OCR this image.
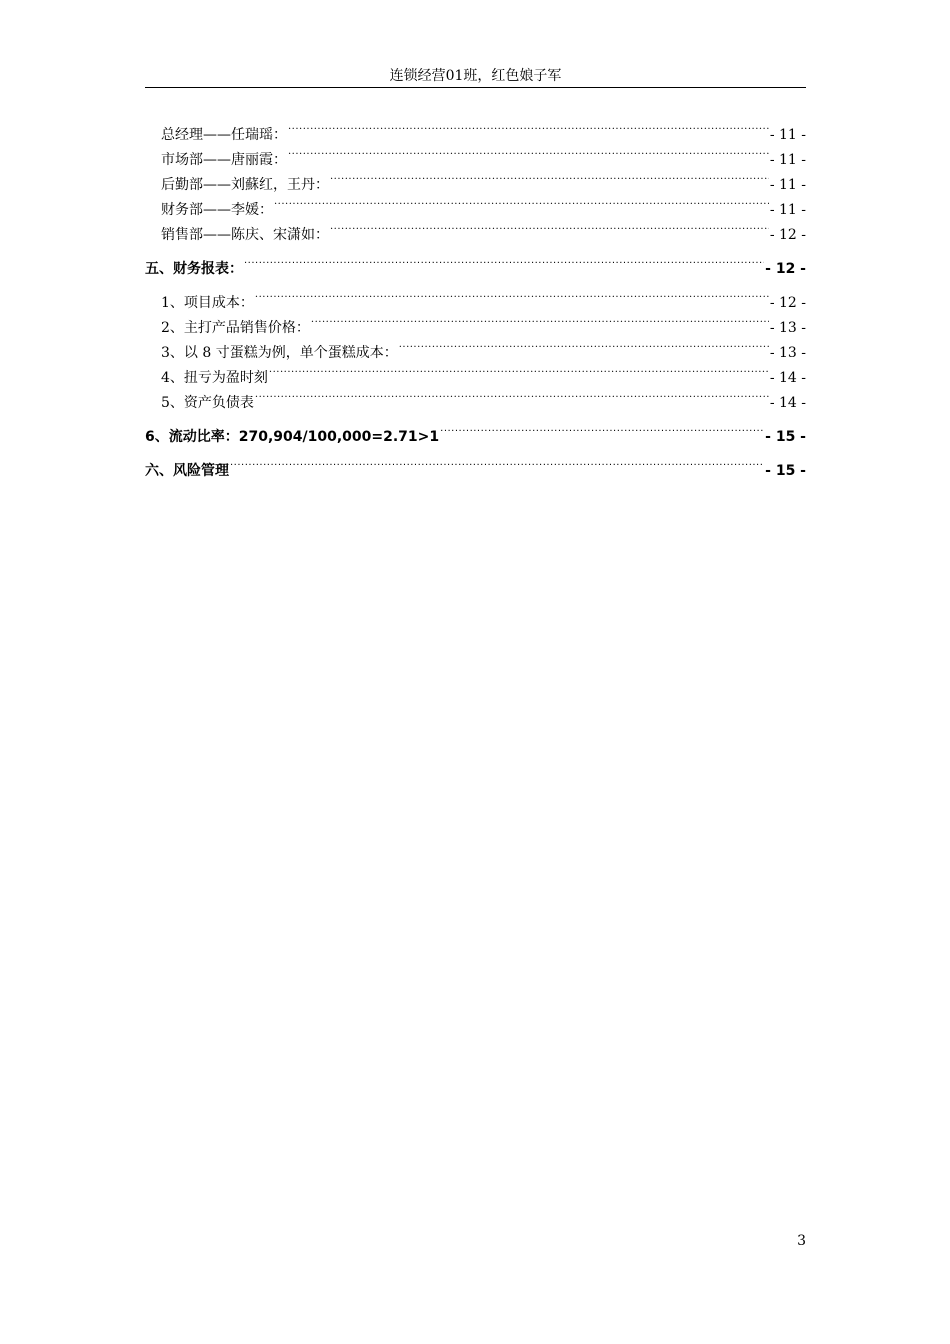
连锁经营01班，红色娘子军
总经理——任瑞瑶： .....	- 11 -
市场部——唐丽霞： .....	- 11 -
后勤部——刘蘇红，王丹： .....	- 11 -
财务部——李媛： .....	- 11 -
销售部——陈庆、宋潇如： .....	- 12 -
五、财务报表： .....	- 12 -
1、项目成本： .....	- 12 -
2、主打产品销售价格： .....	- 13 -
3、以 8 寸蛋糕为例，单个蛋糕成本： .....	- 13 -
4、扭亏为盈时刻 .....	- 14 -
5、资产负债表 .....	- 14 -
6、流动比率：270,904/100,000=2.71>1 .....	- 15 -
六、风险管理 .....	- 15 -
3
